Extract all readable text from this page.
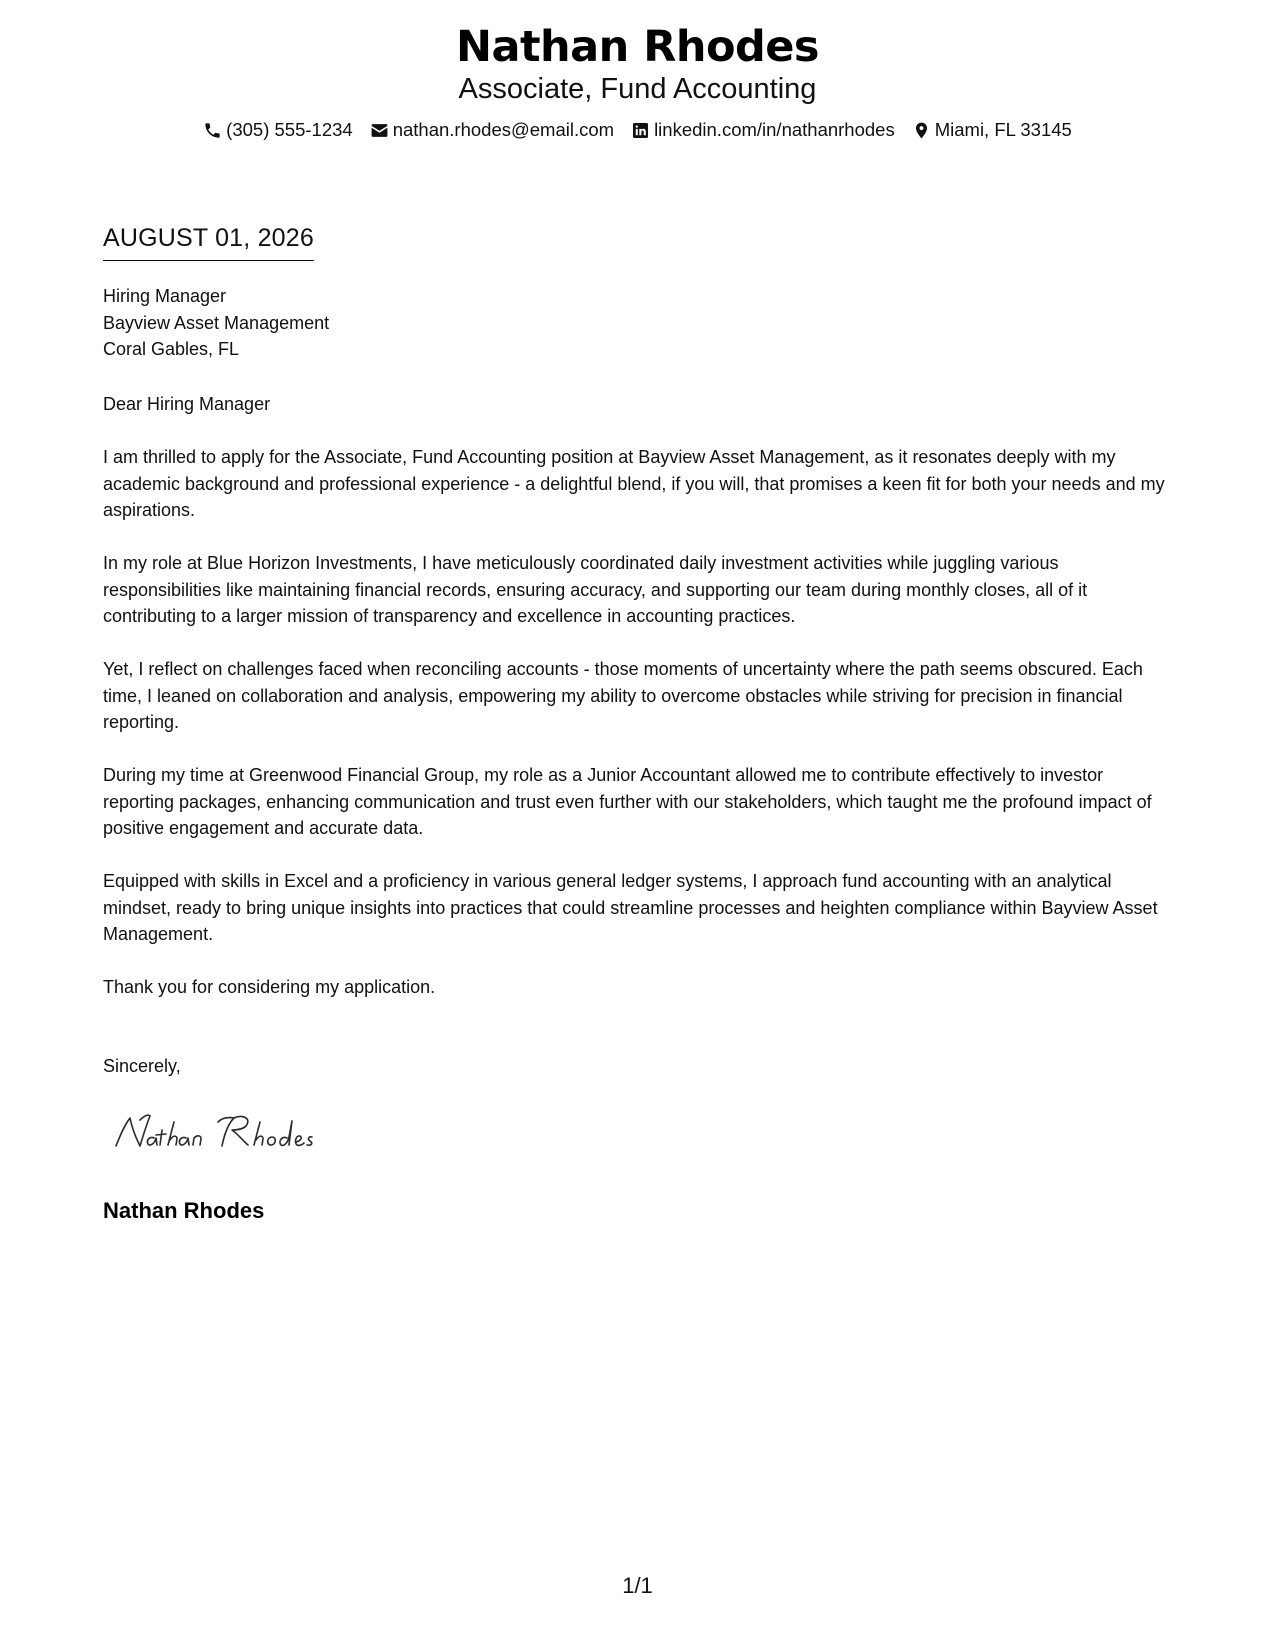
Nathan Rhodes
Associate, Fund Accounting
(305) 555-1234 nathan.rhodes@email.com linkedin.com/in/nathanrhodes Miami, FL 33145
AUGUST 01, 2026
Hiring Manager
Bayview Asset Management
Coral Gables, FL
Dear Hiring Manager
I am thrilled to apply for the Associate, Fund Accounting position at Bayview Asset Management, as it resonates deeply with my academic background and professional experience - a delightful blend, if you will, that promises a keen fit for both your needs and my aspirations.
In my role at Blue Horizon Investments, I have meticulously coordinated daily investment activities while juggling various responsibilities like maintaining financial records, ensuring accuracy, and supporting our team during monthly closes, all of it contributing to a larger mission of transparency and excellence in accounting practices.
Yet, I reflect on challenges faced when reconciling accounts - those moments of uncertainty where the path seems obscured. Each time, I leaned on collaboration and analysis, empowering my ability to overcome obstacles while striving for precision in financial reporting.
During my time at Greenwood Financial Group, my role as a Junior Accountant allowed me to contribute effectively to investor reporting packages, enhancing communication and trust even further with our stakeholders, which taught me the profound impact of positive engagement and accurate data.
Equipped with skills in Excel and a proficiency in various general ledger systems, I approach fund accounting with an analytical mindset, ready to bring unique insights into practices that could streamline processes and heighten compliance within Bayview Asset Management.
Thank you for considering my application.
Sincerely,
Nathan Rhodes
1/1
